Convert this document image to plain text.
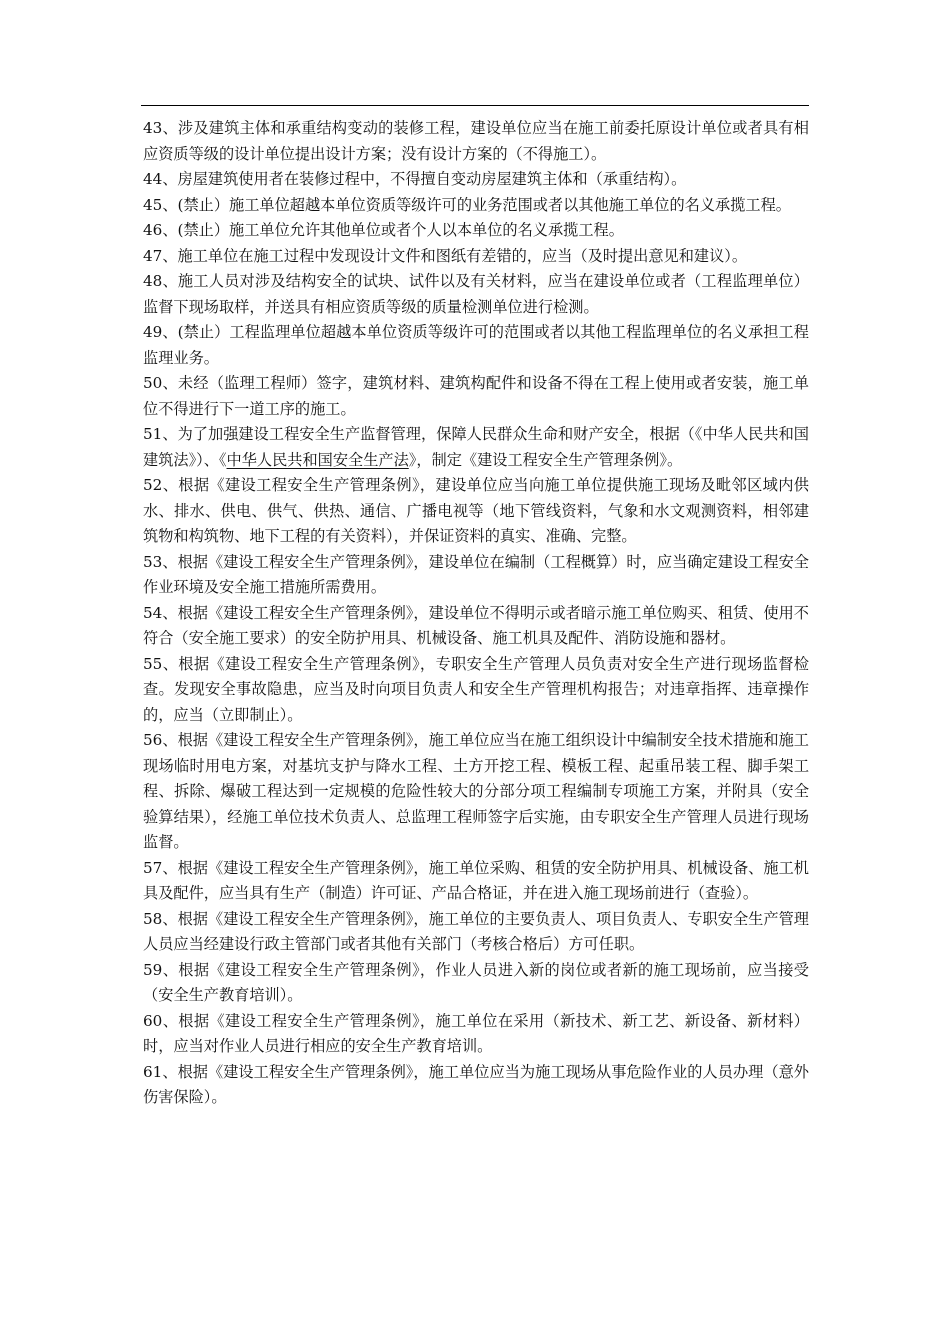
43、涉及建筑主体和承重结构变动的装修工程，建设单位应当在施工前委托原设计单位或者具有相应资质等级的设计单位提出设计方案；没有设计方案的（不得施工）。

44、房屋建筑使用者在装修过程中，不得擅自变动房屋建筑主体和（承重结构）。

45、(禁止）施工单位超越本单位资质等级许可的业务范围或者以其他施工单位的名义承揽工程。

46、(禁止）施工单位允许其他单位或者个人以本单位的名义承揽工程。

47、施工单位在施工过程中发现设计文件和图纸有差错的，应当（及时提出意见和建议）。

48、施工人员对涉及结构安全的试块、试件以及有关材料，应当在建设单位或者（工程监理单位）监督下现场取样，并送具有相应资质等级的质量检测单位进行检测。

49、(禁止）工程监理单位超越本单位资质等级许可的范围或者以其他工程监理单位的名义承担工程监理业务。

50、未经（监理工程师）签字，建筑材料、建筑构配件和设备不得在工程上使用或者安装，施工单位不得进行下一道工序的施工。

51、为了加强建设工程安全生产监督管理，保障人民群众生命和财产安全，根据（《中华人民共和国建筑法》）、《中华人民共和国安全生产法》，制定《建设工程安全生产管理条例》。

52、根据《建设工程安全生产管理条例》，建设单位应当向施工单位提供施工现场及毗邻区域内供水、排水、供电、供气、供热、通信、广播电视等（地下管线资料，气象和水文观测资料，相邻建筑物和构筑物、地下工程的有关资料），并保证资料的真实、准确、完整。

53、根据《建设工程安全生产管理条例》，建设单位在编制（工程概算）时，应当确定建设工程安全作业环境及安全施工措施所需费用。

54、根据《建设工程安全生产管理条例》，建设单位不得明示或者暗示施工单位购买、租赁、使用不符合（安全施工要求）的安全防护用具、机械设备、施工机具及配件、消防设施和器材。

55、根据《建设工程安全生产管理条例》，专职安全生产管理人员负责对安全生产进行现场监督检查。发现安全事故隐患，应当及时向项目负责人和安全生产管理机构报告；对违章指挥、违章操作的，应当（立即制止）。

56、根据《建设工程安全生产管理条例》，施工单位应当在施工组织设计中编制安全技术措施和施工现场临时用电方案，对基坑支护与降水工程、土方开挖工程、模板工程、起重吊装工程、脚手架工程、拆除、爆破工程达到一定规模的危险性较大的分部分项工程编制专项施工方案，并附具（安全验算结果），经施工单位技术负责人、总监理工程师签字后实施，由专职安全生产管理人员进行现场监督。

57、根据《建设工程安全生产管理条例》，施工单位采购、租赁的安全防护用具、机械设备、施工机具及配件，应当具有生产（制造）许可证、产品合格证，并在进入施工现场前进行（查验）。

58、根据《建设工程安全生产管理条例》，施工单位的主要负责人、项目负责人、专职安全生产管理人员应当经建设行政主管部门或者其他有关部门（考核合格后）方可任职。

59、根据《建设工程安全生产管理条例》，作业人员进入新的岗位或者新的施工现场前，应当接受（安全生产教育培训）。

60、根据《建设工程安全生产管理条例》，施工单位在采用（新技术、新工艺、新设备、新材料）时，应当对作业人员进行相应的安全生产教育培训。

61、根据《建设工程安全生产管理条例》，施工单位应当为施工现场从事危险作业的人员办理（意外伤害保险）。
